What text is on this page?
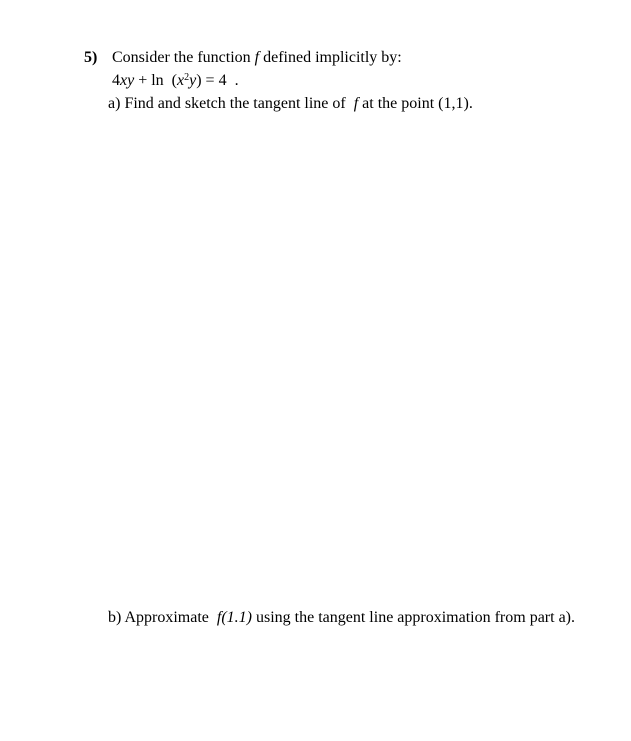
5) Consider the function f defined implicitly by:
$4xy + \ln (x^2y) = 4$  .
a) Find and sketch the tangent line of  f at the point (1,1).
b) Approximate  f(1.1) using the tangent line approximation from part a).
